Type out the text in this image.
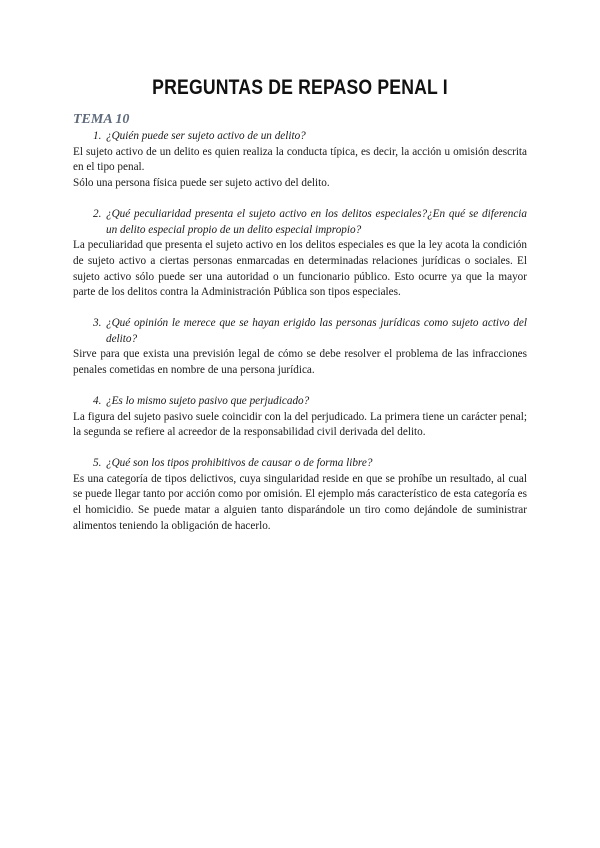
PREGUNTAS DE REPASO PENAL I
TEMA 10
1. ¿Quién puede ser sujeto activo de un delito?

El sujeto activo de un delito es quien realiza la conducta típica, es decir, la acción u omisión descrita en el tipo penal.

Sólo una persona física puede ser sujeto activo del delito.

2. ¿Qué peculiaridad presenta el sujeto activo en los delitos especiales?¿En qué se diferencia un delito especial propio de un delito especial impropio?

La peculiaridad que presenta el sujeto activo en los delitos especiales es que la ley acota la condición de sujeto activo a ciertas personas enmarcadas en determinadas relaciones jurídicas o sociales. El sujeto activo sólo puede ser una autoridad o un funcionario público. Esto ocurre ya que la mayor parte de los delitos contra la Administración Pública son tipos especiales.

3. ¿Qué opinión le merece que se hayan erigido las personas jurídicas como sujeto activo del delito?

Sirve para que exista una previsión legal de cómo se debe resolver el problema de las infracciones penales cometidas en nombre de una persona jurídica.

4. ¿Es lo mismo sujeto pasivo que perjudicado?

La figura del sujeto pasivo suele coincidir con la del perjudicado. La primera tiene un carácter penal; la segunda se refiere al acreedor de la responsabilidad civil derivada del delito.

5. ¿Qué son los tipos prohibitivos de causar o de forma libre?

Es una categoría de tipos delictivos, cuya singularidad reside en que se prohíbe un resultado, al cual se puede llegar tanto por acción como por omisión. El ejemplo más característico de esta categoría es el homicidio. Se puede matar a alguien tanto disparándole un tiro como dejándole de suministrar alimentos teniendo la obligación de hacerlo.
